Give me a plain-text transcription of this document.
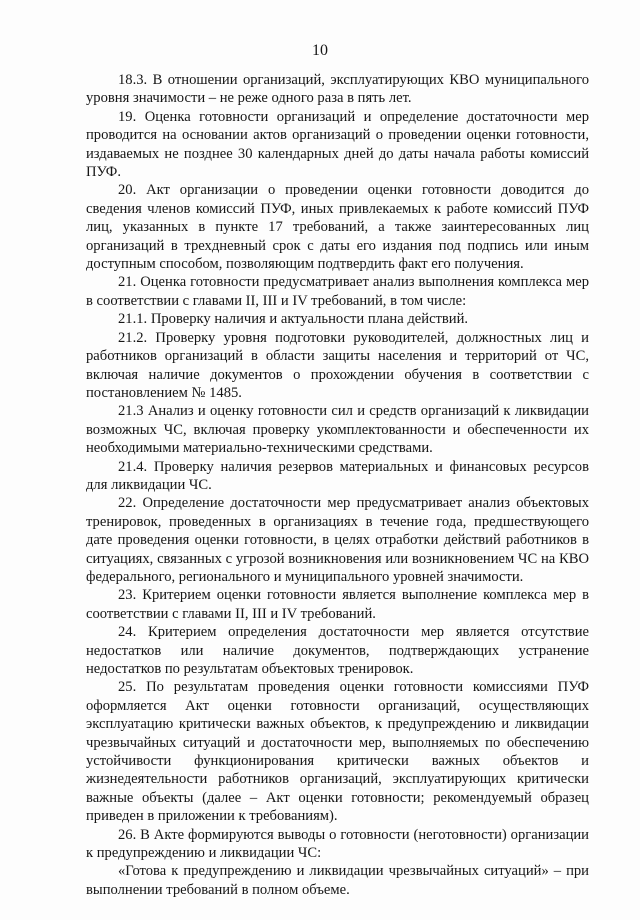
10

18.3. В отношении организаций, эксплуатирующих КВО муниципального уровня значимости – не реже одного раза в пять лет.

19. Оценка готовности организаций и определение достаточности мер проводится на основании актов организаций о проведении оценки готовности, издаваемых не позднее 30 календарных дней до даты начала работы комиссий ПУФ.

20. Акт организации о проведении оценки готовности доводится до сведения членов комиссий ПУФ, иных привлекаемых к работе комиссий ПУФ лиц, указанных в пункте 17 требований, а также заинтересованных лиц организаций в трехдневный срок с даты его издания под подпись или иным доступным способом, позволяющим подтвердить факт его получения.

21. Оценка готовности предусматривает анализ выполнения комплекса мер в соответствии с главами II, III и IV требований, в том числе:

21.1. Проверку наличия и актуальности плана действий.

21.2. Проверку уровня подготовки руководителей, должностных лиц и работников организаций в области защиты населения и территорий от ЧС, включая наличие документов о прохождении обучения в соответствии с постановлением № 1485.

21.3 Анализ и оценку готовности сил и средств организаций к ликвидации возможных ЧС, включая проверку укомплектованности и обеспеченности их необходимыми материально-техническими средствами.

21.4. Проверку наличия резервов материальных и финансовых ресурсов для ликвидации ЧС.

22. Определение достаточности мер предусматривает анализ объектовых тренировок, проведенных в организациях в течение года, предшествующего дате проведения оценки готовности, в целях отработки действий работников в ситуациях, связанных с угрозой возникновения или возникновением ЧС на КВО федерального, регионального и муниципального уровней значимости.

23. Критерием оценки готовности является выполнение комплекса мер в соответствии с главами II, III и IV требований.

24. Критерием определения достаточности мер является отсутствие недостатков или наличие документов, подтверждающих устранение недостатков по результатам объектовых тренировок.

25. По результатам проведения оценки готовности комиссиями ПУФ оформляется Акт оценки готовности организаций, осуществляющих эксплуатацию критически важных объектов, к предупреждению и ликвидации чрезвычайных ситуаций и достаточности мер, выполняемых по обеспечению устойчивости функционирования критически важных объектов и жизнедеятельности работников организаций, эксплуатирующих критически важные объекты (далее – Акт оценки готовности; рекомендуемый образец приведен в приложении к требованиям).

26. В Акте формируются выводы о готовности (неготовности) организации к предупреждению и ликвидации ЧС:

«Готова к предупреждению и ликвидации чрезвычайных ситуаций» – при выполнении требований в полном объеме.
